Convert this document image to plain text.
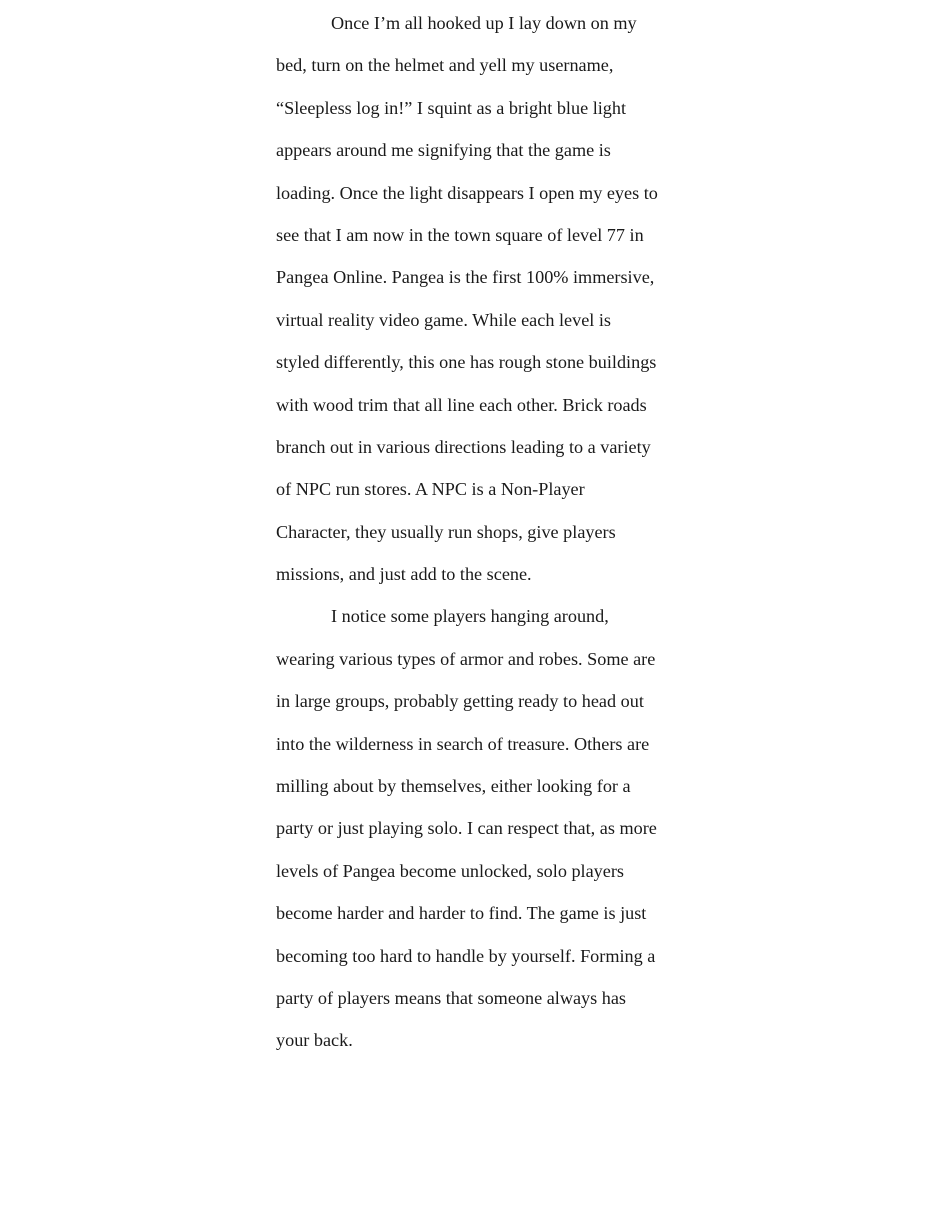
Once I’m all hooked up I lay down on my
bed, turn on the helmet and yell my username,
“Sleepless log in!” I squint as a bright blue light
appears around me signifying that the game is
loading. Once the light disappears I open my eyes to
see that I am now in the town square of level 77 in
Pangea Online. Pangea is the first 100% immersive,
virtual reality video game. While each level is
styled differently, this one has rough stone buildings
with wood trim that all line each other. Brick roads
branch out in various directions leading to a variety
of NPC run stores. A NPC is a Non-Player
Character, they usually run shops, give players
missions, and just add to the scene.
I notice some players hanging around,
wearing various types of armor and robes. Some are
in large groups, probably getting ready to head out
into the wilderness in search of treasure. Others are
milling about by themselves, either looking for a
party or just playing solo. I can respect that, as more
levels of Pangea become unlocked, solo players
become harder and harder to find. The game is just
becoming too hard to handle by yourself. Forming a
party of players means that someone always has
your back.
